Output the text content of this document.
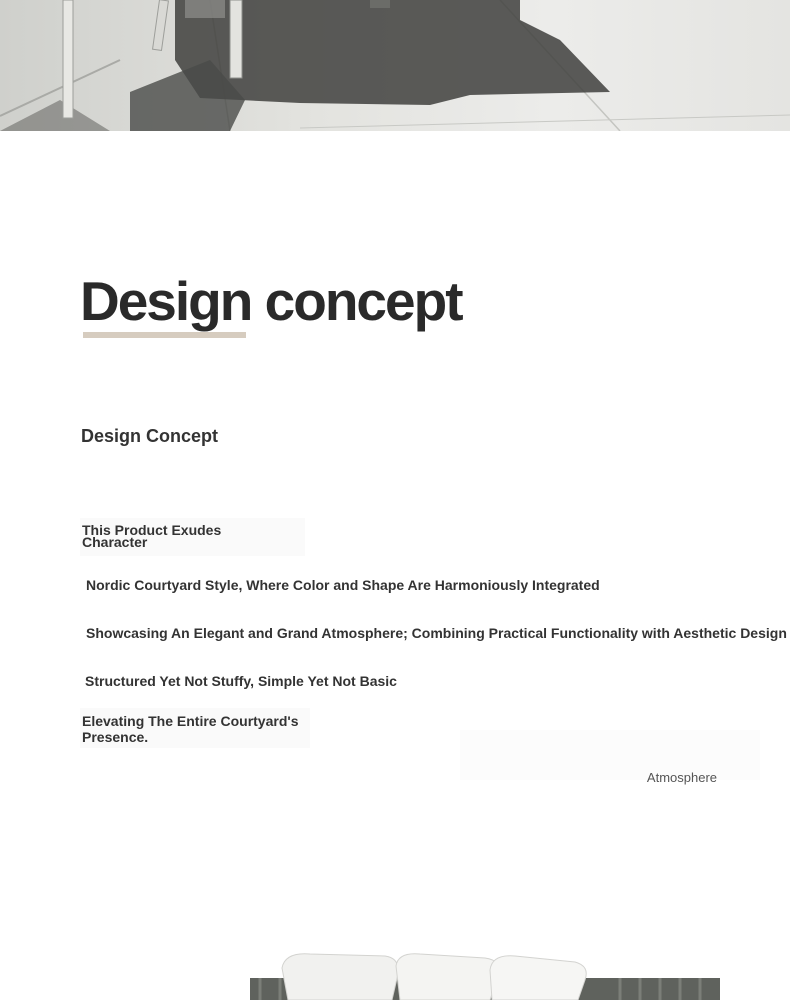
Design concept
Design Concept

This Product Exudes Character

Nordic Courtyard Style, Where Color and Shape Are Harmoniously Integrated

Showcasing An Elegant and Grand Atmosphere; Combining Practical Functionality with Aesthetic Design

Structured Yet Not Stuffy, Simple Yet Not Basic

Elevating The Entire Courtyard's Presence.

Atmosphere
